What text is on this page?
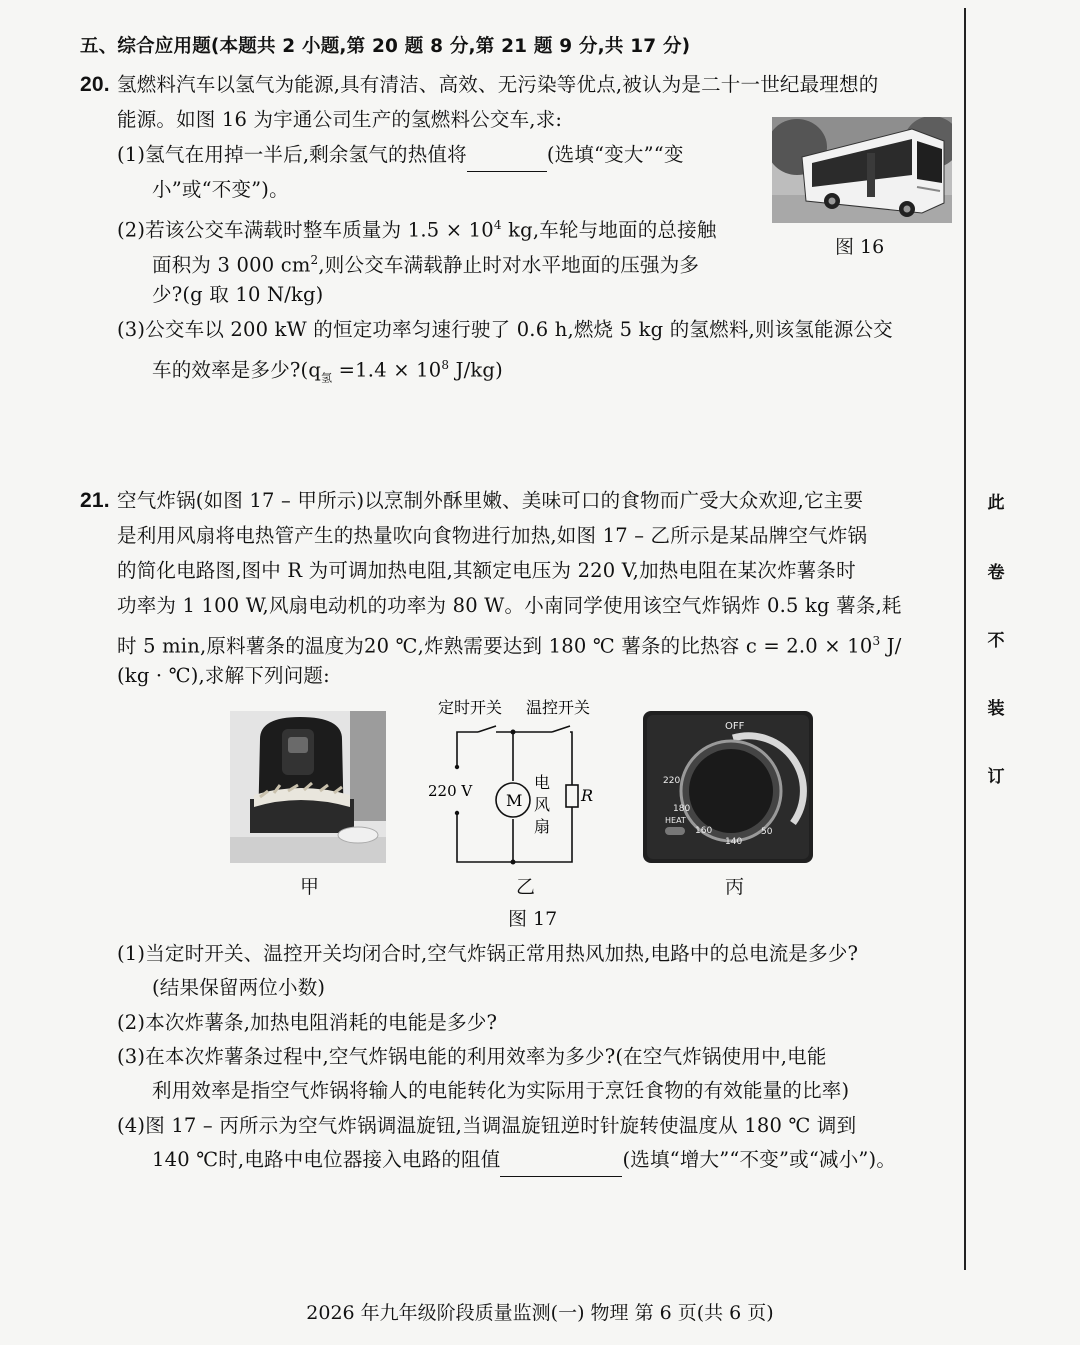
五、综合应用题(本题共 2 小题,第 20 题 8 分,第 21 题 9 分,共 17 分)
20. 氢燃料汽车以氢气为能源,具有清洁、高效、无污染等优点,被认为是二十一世纪最理想的
能源。如图 16 为宇通公司生产的氢燃料公交车,求:
(1)氢气在用掉一半后,剩余氢气的热值将	(选填“变大”“变
小”或“不变”)。
(2)若该公交车满载时整车质量为 $1.5 \times 10^4$ kg,车轮与地面的总接触
面积为 3 000 $cm^2$,则公交车满载静止时对水平地面的压强为多
少?(g 取 10 N/kg)
(3)公交车以 200 kW 的恒定功率匀速行驶了 0.6 h,燃烧 5 kg 的氢燃料,则该氢能源公交
车的效率是多少$?(q_氢 =1.4 \times 10^8$ J/kg)
图 16
21. 空气炸锅(如图 17 – 甲所示)以烹制外酥里嫩、美味可口的食物而广受大众欢迎,它主要
是利用风扇将电热管产生的热量吹向食物进行加热,如图 17 – 乙所示是某品牌空气炸锅
的简化电路图,图中 R 为可调加热电阻,其额定电压为 220 V,加热电阻在某次炸薯条时
功率为 1 100 W,风扇电动机的功率为 80 W。小南同学使用该空气炸锅炸 0.5 kg 薯条,耗
时 5 min,原料薯条的温度为20 ℃,炸熟需要达到 180 ℃ 薯条的比热容 $c = 2.0 \times 10^3$ J/
(kg · ℃),求解下列问题:
定时开关 温控开关
M	R
220 V	电
风
扇
OFF
220
180
HEAT
160
140
50
甲	乙	丙
图 17
(1)当定时开关、温控开关均闭合时,空气炸锅正常用热风加热,电路中的总电流是多少?
(结果保留两位小数)
(2)本次炸薯条,加热电阻消耗的电能是多少?
(3)在本次炸薯条过程中,空气炸锅电能的利用效率为多少?(在空气炸锅使用中,电能
利用效率是指空气炸锅将输人的电能转化为实际用于烹饪食物的有效能量的比率)
(4)图 17 – 丙所示为空气炸锅调温旋钮,当调温旋钮逆时针旋转使温度从 180 ℃ 调到
140 ℃时,电路中电位器接入电路的阻值	(选填“增大”“不变”或“减小”)。
此
卷
不
装
订
2026 年九年级阶段质量监测(一) 物理 第 6 页(共 6 页)
